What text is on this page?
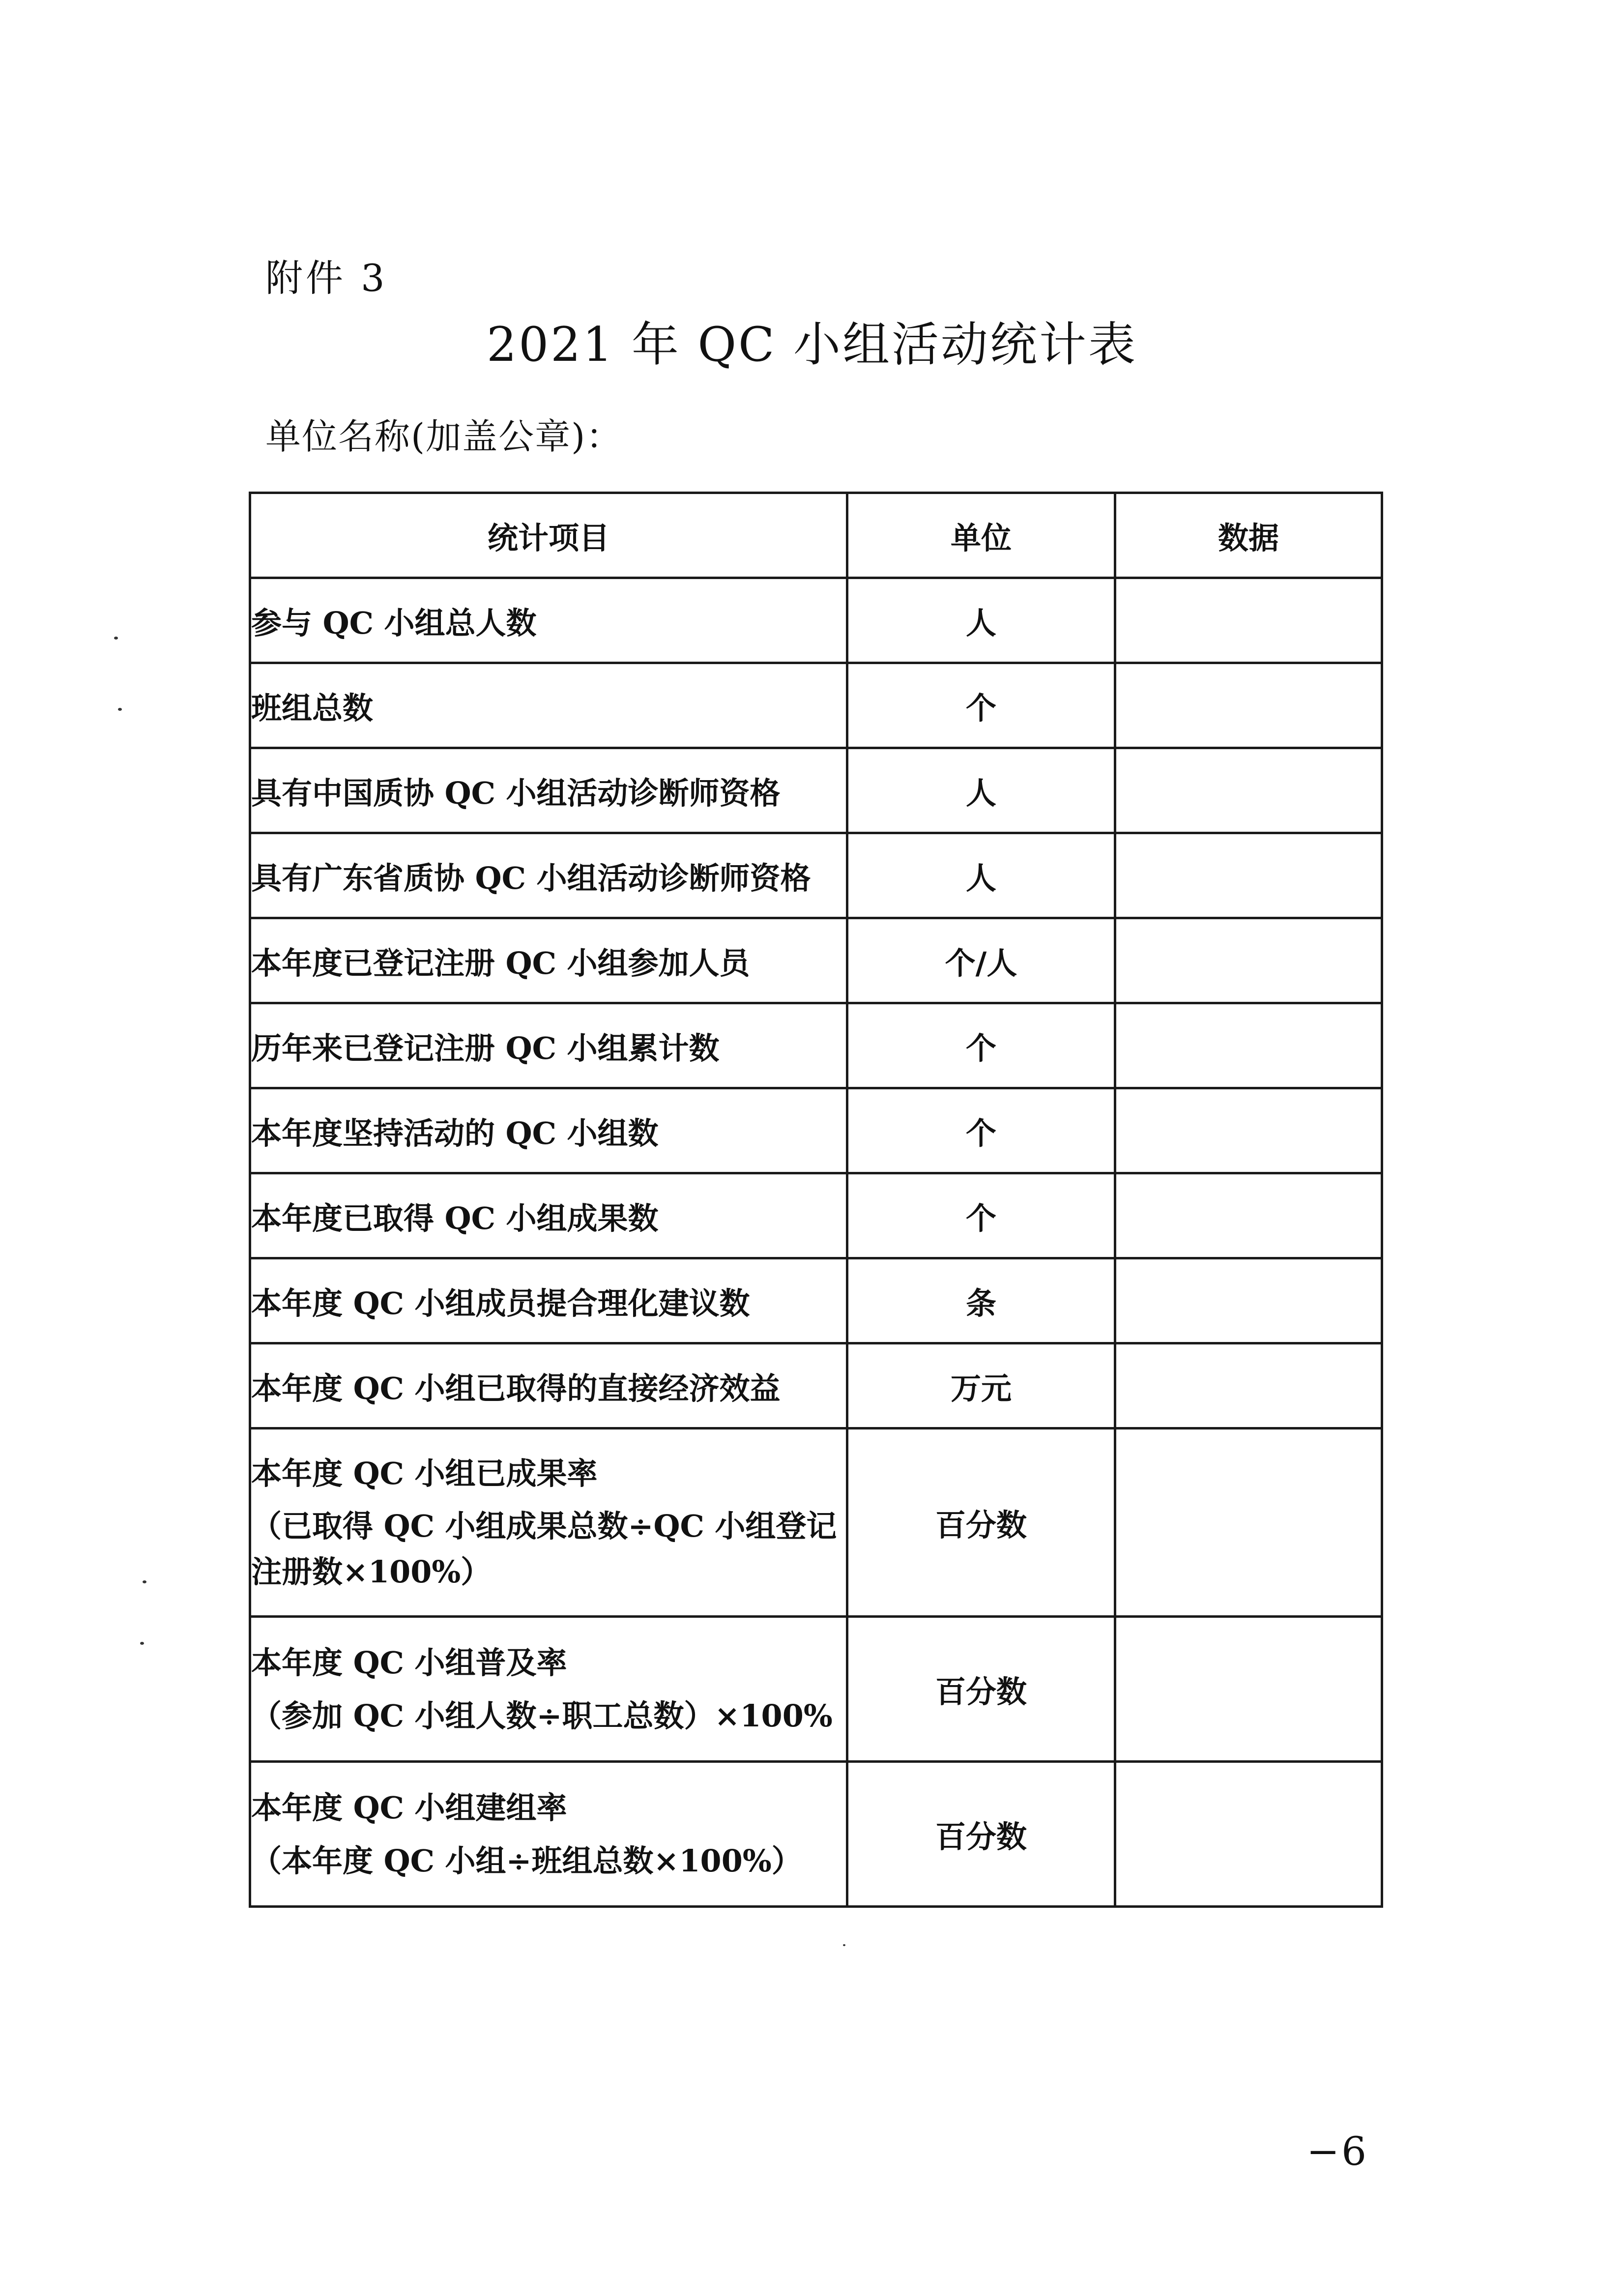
附件 3
2021 年 QC 小组活动统计表
单位名称(加盖公章)：
统计项目	单位	数据
参与 QC 小组总人数	人	
班组总数	个	
具有中国质协 QC 小组活动诊断师资格	人	
具有广东省质协 QC 小组活动诊断师资格	人	
本年度已登记注册 QC 小组参加人员	个/人	
历年来已登记注册 QC 小组累计数	个	
本年度坚持活动的 QC 小组数	个	
本年度已取得 QC 小组成果数	个	
本年度 QC 小组成员提合理化建议数	条	
本年度 QC 小组已取得的直接经济效益	万元	

本年度 QC 小组已成果率
（已取得 QC 小组成果总数÷QC 小组登记注册数×100%）	百分数	

本年度 QC 小组普及率
（参加 QC 小组人数÷职工总数）×100%	百分数	

本年度 QC 小组建组率
（本年度 QC 小组÷班组总数×100%）	百分数	
−6
